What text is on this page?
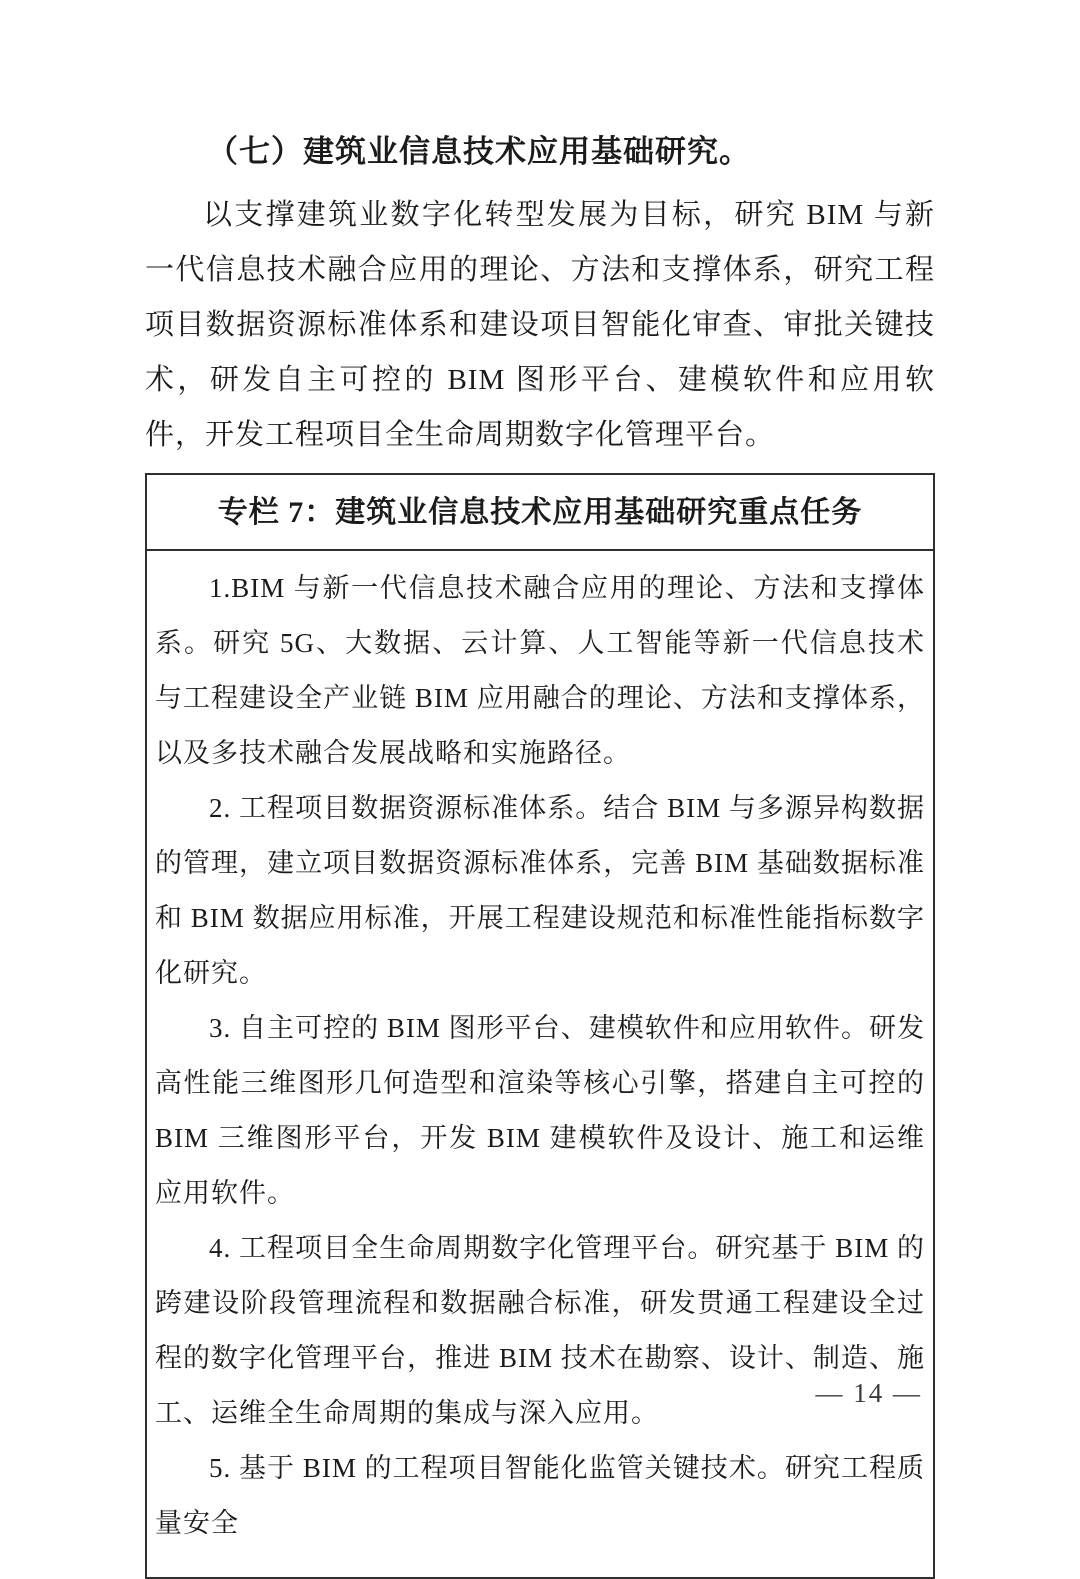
（七）建筑业信息技术应用基础研究。

以支撑建筑业数字化转型发展为目标，研究 BIM 与新一代信息技术融合应用的理论、方法和支撑体系，研究工程项目数据资源标准体系和建设项目智能化审查、审批关键技术，研发自主可控的 BIM 图形平台、建模软件和应用软件，开发工程项目全生命周期数字化管理平台。

专栏 7：建筑业信息技术应用基础研究重点任务

1.BIM 与新一代信息技术融合应用的理论、方法和支撑体系。研究 5G、大数据、云计算、人工智能等新一代信息技术与工程建设全产业链 BIM 应用融合的理论、方法和支撑体系，以及多技术融合发展战略和实施路径。

2. 工程项目数据资源标准体系。结合 BIM 与多源异构数据的管理，建立项目数据资源标准体系，完善 BIM 基础数据标准和 BIM 数据应用标准，开展工程建设规范和标准性能指标数字化研究。

3. 自主可控的 BIM 图形平台、建模软件和应用软件。研发高性能三维图形几何造型和渲染等核心引擎，搭建自主可控的 BIM 三维图形平台，开发 BIM 建模软件及设计、施工和运维应用软件。

4. 工程项目全生命周期数字化管理平台。研究基于 BIM 的跨建设阶段管理流程和数据融合标准，研发贯通工程建设全过程的数字化管理平台，推进 BIM 技术在勘察、设计、制造、施工、运维全生命周期的集成与深入应用。

5. 基于 BIM 的工程项目智能化监管关键技术。研究工程质量安全

— 14 —
